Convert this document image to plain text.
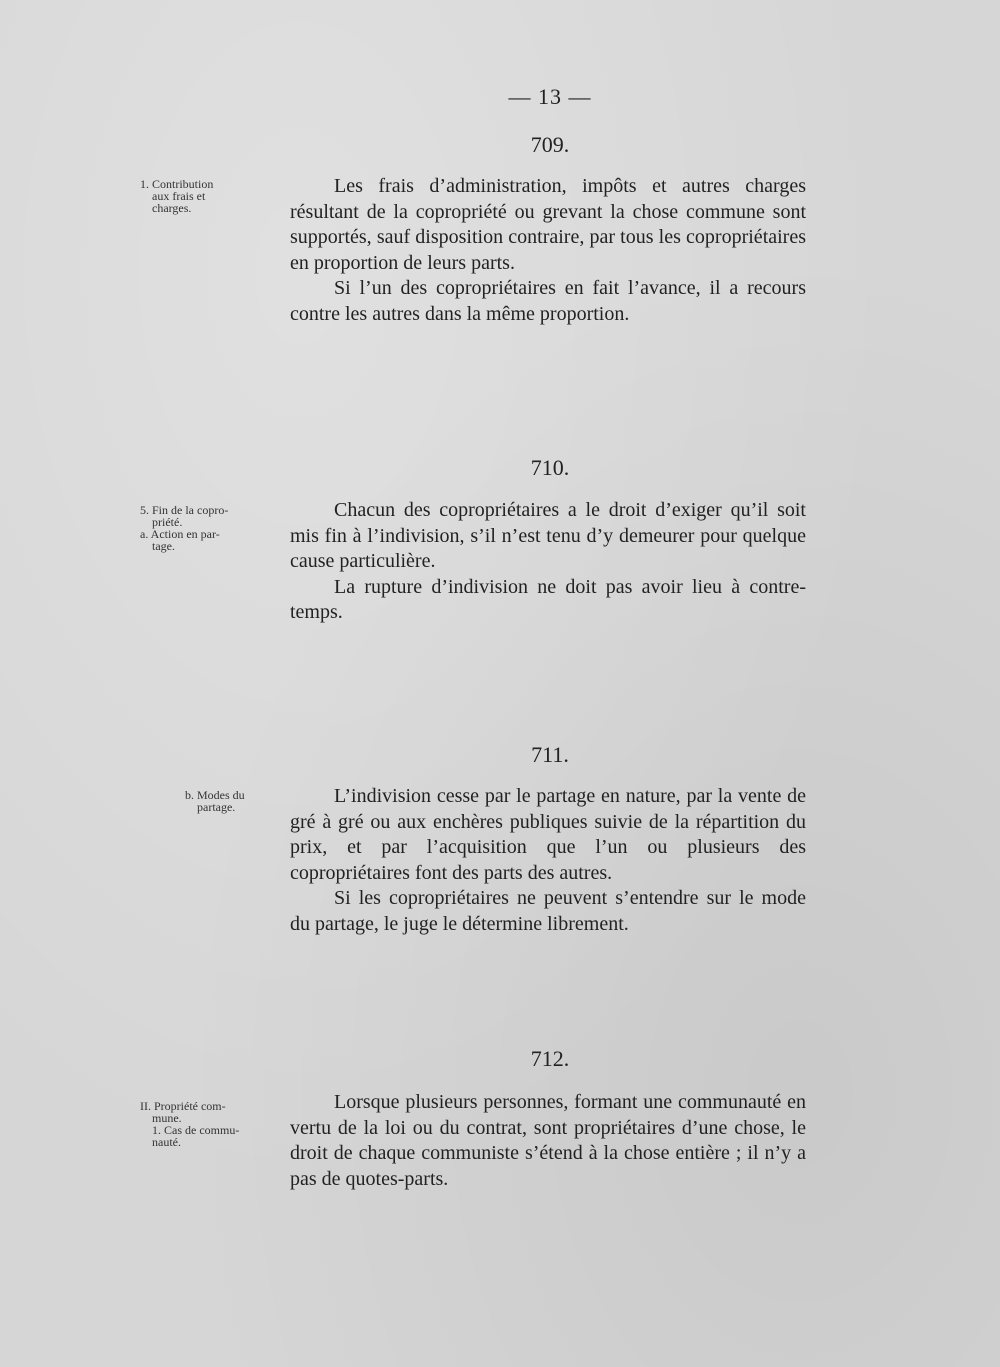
— 13 —
709.
1. Contribution
aux frais et
charges.

Les frais d’administration, impôts et autres charges résultant de la copropriété ou grevant la chose commune sont supportés, sauf disposition contraire, par tous les copropriétaires en proportion de leurs parts.

Si l’un des copropriétaires en fait l’avance, il a recours contre les autres dans la même proportion.

710.
5. Fin de la copro-
priété.
a. Action en par-
tage.

Chacun des copropriétaires a le droit d’exiger qu’il soit mis fin à l’indivision, s’il n’est tenu d’y demeurer pour quelque cause particulière.

La rupture d’indivision ne doit pas avoir lieu à contre-temps.

711.
b. Modes du
partage.	L’indivision cesse par le partage en nature, par la vente de gré à gré ou aux enchères publiques suivie de la répartition du prix, et par l’acquisition que l’un ou plusieurs des copropriétaires font des parts des autres.

Si les copropriétaires ne peuvent s’entendre sur le mode du partage, le juge le détermine librement.

712.
II. Propriété com-
mune.
1. Cas de commu-
nauté.

Lorsque plusieurs personnes, formant une communauté en vertu de la loi ou du contrat, sont propriétaires d’une chose, le droit de chaque communiste s’étend à la chose entière ; il n’y a pas de quotes-parts.
